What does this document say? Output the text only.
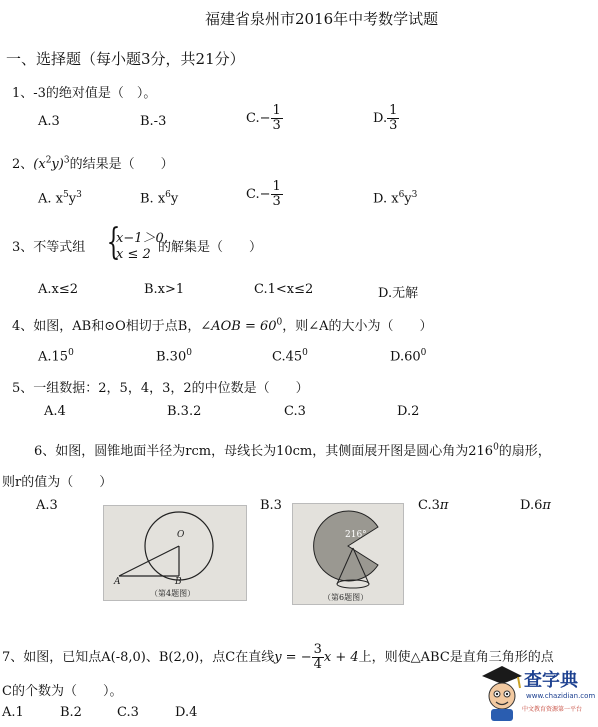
福建省泉州市2016年中考数学试题
一、选择题（每小题3分，共21分）
1、-3的绝对值是（　）。
A.3	B.-3	$C.- \frac{1}{3}$	D. $\frac{1}{3}$
2、$(x^2y)^3$的结果是（　　）
A. $x^5y^3$	B. $x^6y$	$C.- \frac{1}{3}$	D. $x^6y^3$
3、不等式组 {
x−1＞0,
x ≤ 2 的解集是（　　）
A.x≤2	B.x>1	C.1<x≤2	D.无解
4、如图，AB和⊙O相切于点B，∠AOB = $60^0$，则∠A的大小为（　　）
$A.15^0$	$B.30^0$	$C.45^0$	$D.60^0$
5、一组数据：2，5，4，3，2的中位数是（　　）
A.4	B.3.2	C.3	D.2
6、如图，圆锥地面半径为rcm，母线长为10cm，其侧面展开图是圆心角为$216^0$的扇形，
则r的值为（　　）
A.3	B.3	C.3π	D.6π
O
A	B
（第4题图）
216°
（第6题图）
7、如图，已知点A(-8,0)、B(2,0)，点C在直线y = − $\frac{3}{4}$ x + 4上，则使△ABC是直角三角形的点
C的个数为（　　）。
A.1	B.2	C.3	D.4
查字典
www.chazidian.com
中文教育资源第一平台
